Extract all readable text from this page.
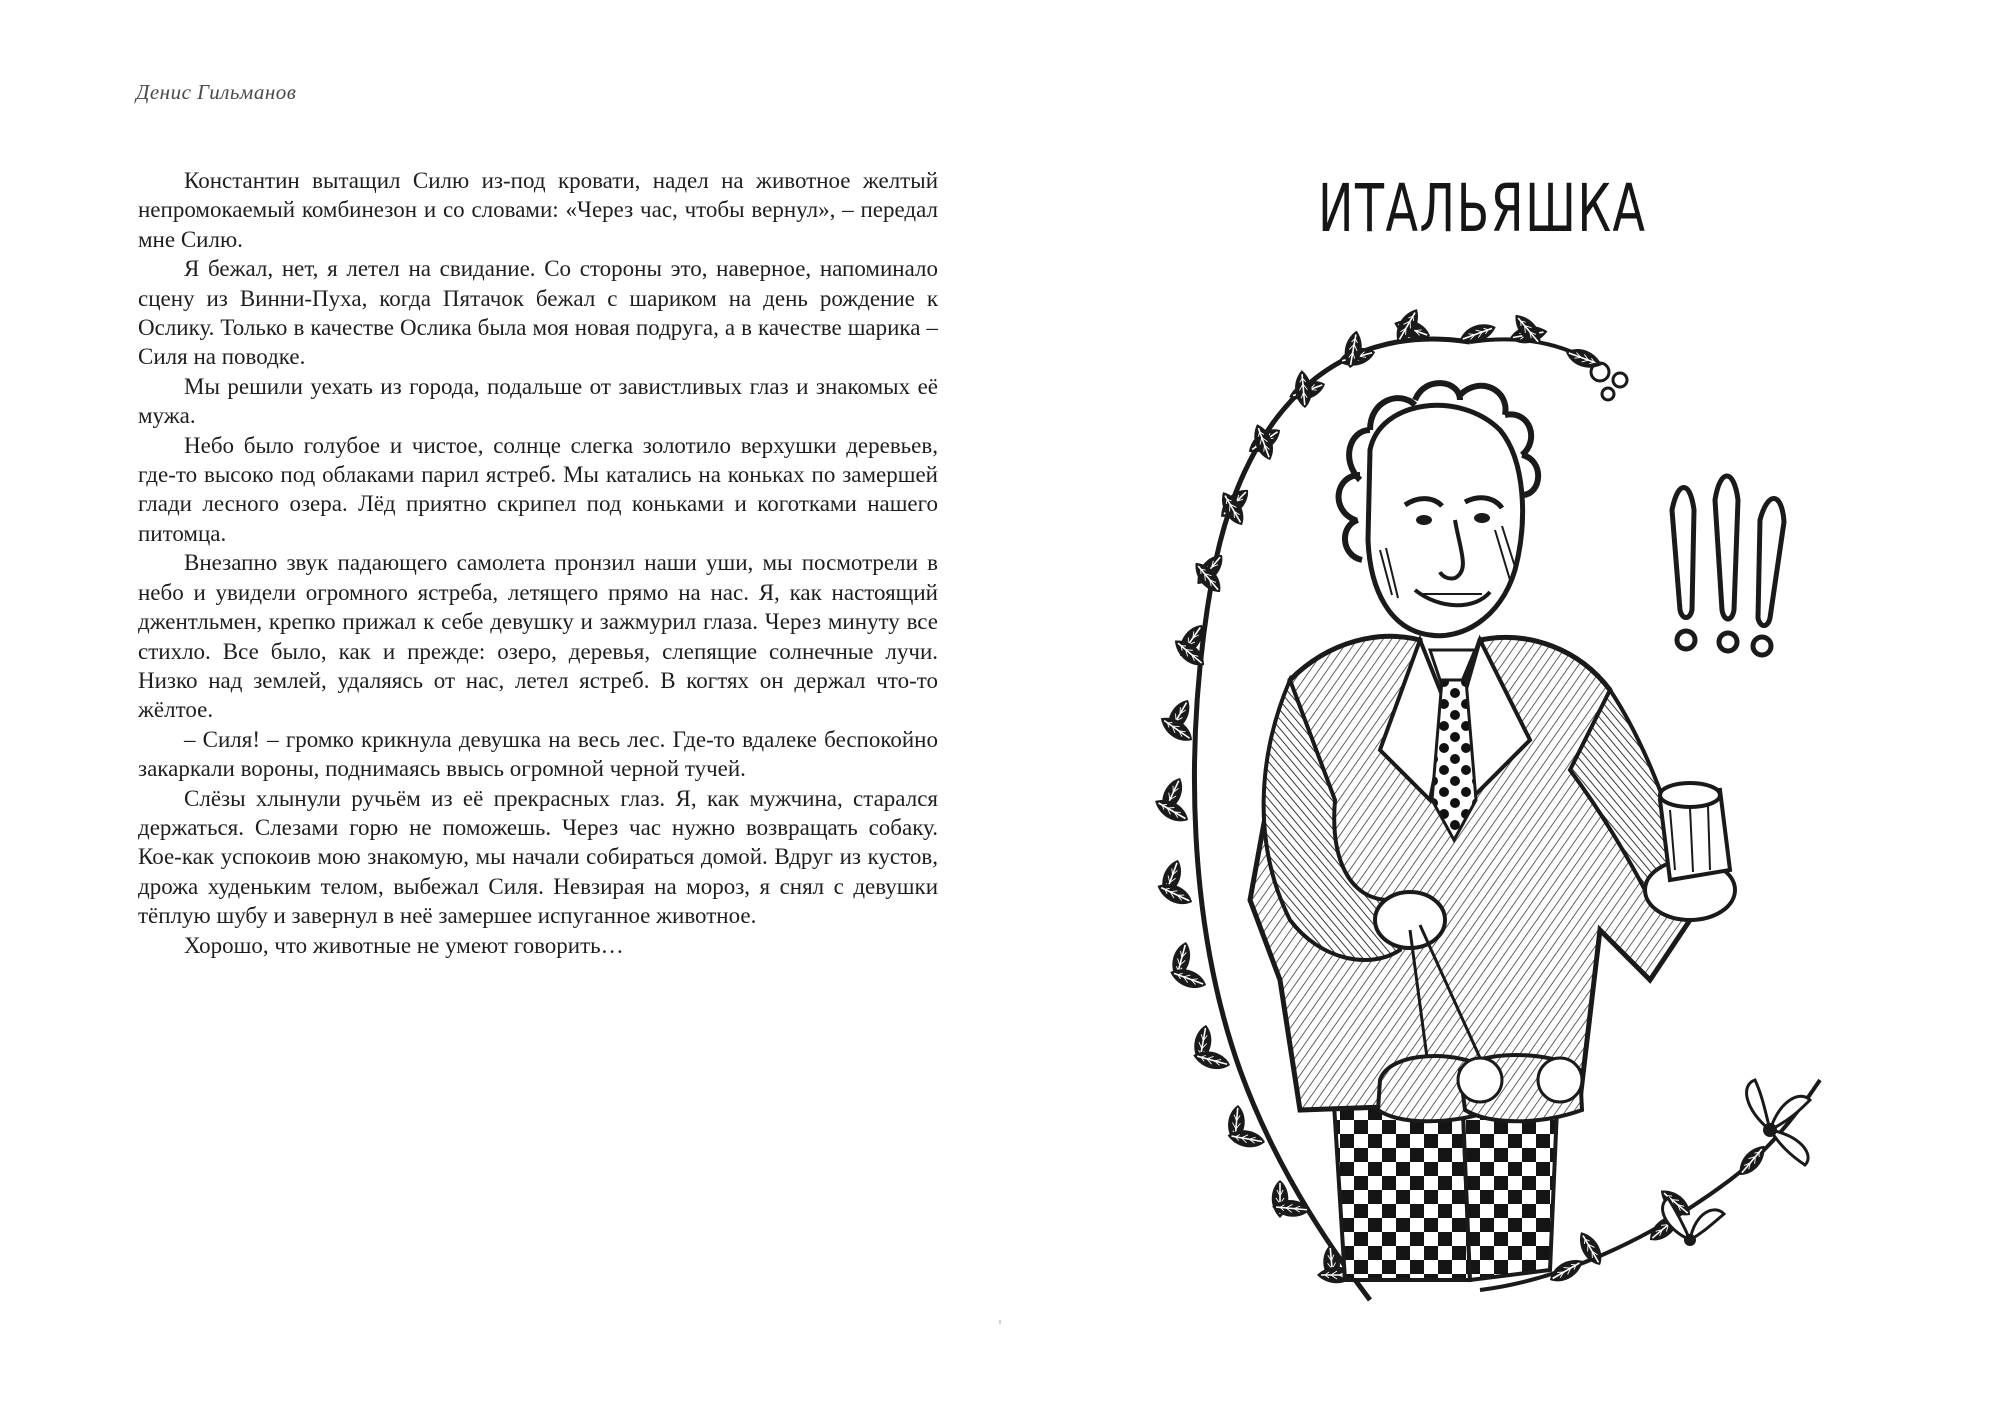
Денис Гильманов

Константин вытащил Силю из-под кровати, надел на животное желтый непромокаемый комбинезон и со словами: «Через час, чтобы вернул», – передал мне Силю.

Я бежал, нет, я летел на свидание. Со стороны это, наверное, напоминало сцену из Винни-Пуха, когда Пятачок бежал с шариком на день рождение к Ослику. Только в качестве Ослика была моя новая подруга, а в качестве шарика – Силя на поводке.

Мы решили уехать из города, подальше от завистливых глаз и знакомых её мужа.

Небо было голубое и чистое, солнце слегка золотило верхушки деревьев, где-то высоко под облаками парил ястреб. Мы катались на коньках по замершей глади лесного озера. Лёд приятно скрипел под коньками и коготками нашего питомца.

Внезапно звук падающего самолета пронзил наши уши, мы посмотрели в небо и увидели огромного ястреба, летящего прямо на нас. Я, как настоящий джентльмен, крепко прижал к себе девушку и зажмурил глаза. Через минуту все стихло. Все было, как и прежде: озеро, деревья, слепящие солнечные лучи. Низко над землей, удаляясь от нас, летел ястреб. В когтях он держал что-то жёлтое.

– Силя! – громко крикнула девушка на весь лес. Где-то вдалеке беспокойно закаркали вороны, поднимаясь ввысь огромной черной тучей.

Слёзы хлынули ручьём из её прекрасных глаз. Я, как мужчина, старался держаться. Слезами горю не поможешь. Через час нужно возвращать собаку. Кое-как успокоив мою знакомую, мы начали собираться домой. Вдруг из кустов, дрожа худеньким телом, выбежал Силя. Невзирая на мороз, я снял с девушки тёплую шубу и завернул в неё замершее испуганное животное.

Хорошо, что животные не умеют говорить…

ИТАЛЬЯШКА
